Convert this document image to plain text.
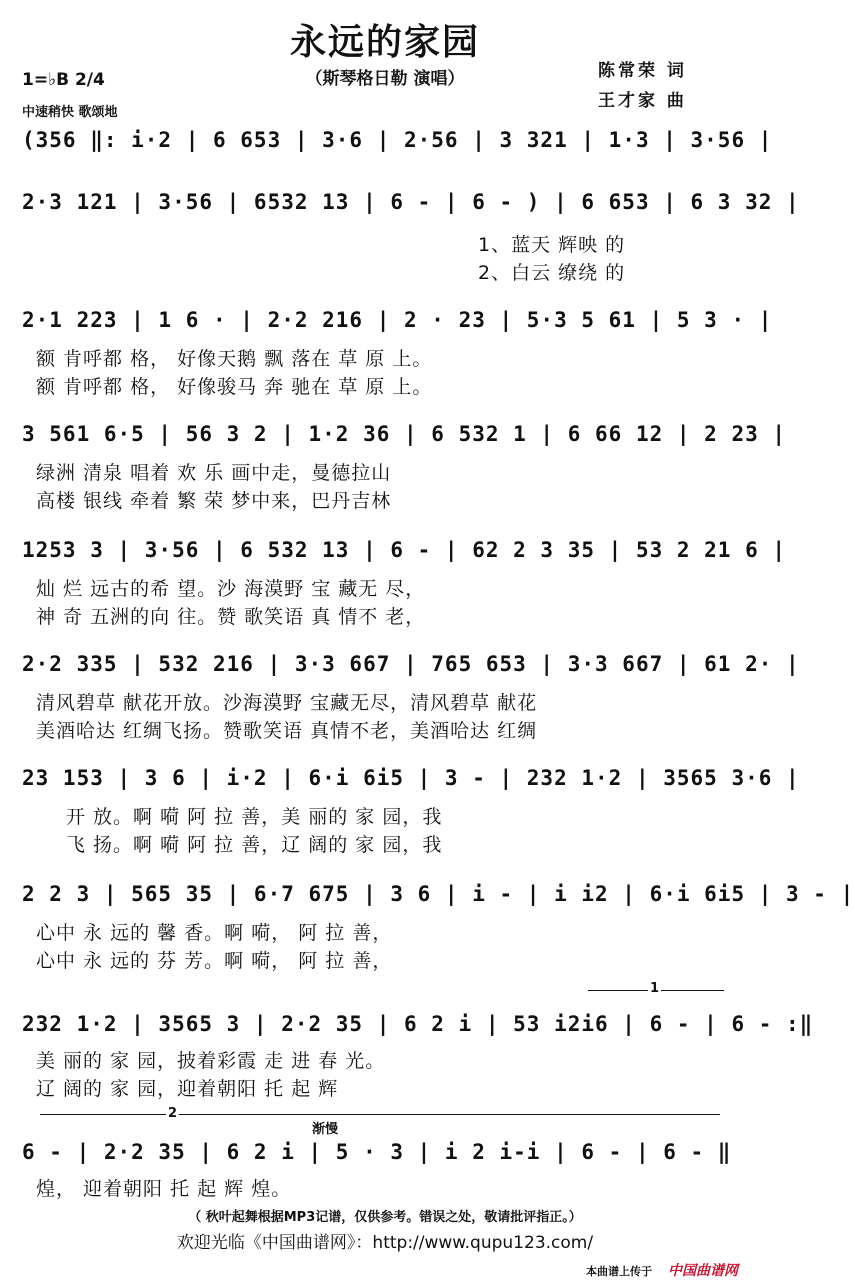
永远的家园
（斯琴格日勒 演唱）	陈常荣 词
王才家 曲
1=♭B 2/4
中速稍快 歌颂地
(356 ‖: i·2 | 6 653 | 3·6 | 2·56 | 3 321 | 1·3 | 3·56 |
2·3 121 | 3·56 | 6532 13 | 6 - | 6 - ) | 6 653 | 6 3 32 |
1、蓝天 辉映 的
2、白云 缭绕 的
2·1 223 | 1 6 · | 2·2 216 | 2 · 23 | 5·3 5 61 | 5 3 · |
额 肯呼都 格， 好像天鹅 飘 落在 草 原 上。
额 肯呼都 格， 好像骏马 奔 驰在 草 原 上。
3 561 6·5 | 56 3 2 | 1·2 36 | 6 532 1 | 6 66 12 | 2 23 |
绿洲 清泉 唱着 欢 乐 画中走，曼德拉山
高楼 银线 牵着 繁 荣 梦中来，巴丹吉林
1253 3 | 3·56 | 6 532 13 | 6 - | 62 2 3 35 | 53 2 21 6 |
灿 烂 远古的希 望。沙 海漠野 宝 藏无 尽，
神 奇 五洲的向 往。赞 歌笑语 真 情不 老，
2·2 335 | 532 216 | 3·3 667 | 765 653 | 3·3 667 | 61 2· |
清风碧草 献花开放。沙海漠野 宝藏无尽，清风碧草 献花
美酒哈达 红绸飞扬。赞歌笑语 真情不老，美酒哈达 红绸
23 153 | 3 6 | i·2 | 6·i 6i5 | 3 - | 232 1·2 | 3565 3·6 |
开 放。啊 嗬 阿 拉 善，美 丽的 家 园，我
飞 扬。啊 嗬 阿 拉 善，辽 阔的 家 园，我
2 2 3 | 565 35 | 6·7 675 | 3 6 | i - | i i2 | 6·i 6i5 | 3 - |
心中 永 远的 馨 香。啊 嗬， 阿 拉 善，
心中 永 远的 芬 芳。啊 嗬， 阿 拉 善，
1
232 1·2 | 3565 3 | 2·2 35 | 6 2 i | 53 i2i6 | 6 - | 6 - :‖
美 丽的 家 园，披着彩霞 走 进 春 光。
辽 阔的 家 园，迎着朝阳 托 起 辉
2
渐慢
6 - | 2·2 35 | 6 2 i | 5 · 3 | i 2 i-i | 6 - | 6 - ‖
煌， 迎着朝阳 托 起 辉 煌。
（ 秋叶起舞根据MP3记谱，仅供参考。错误之处，敬请批评指正。）
欢迎光临《中国曲谱网》：http://www.qupu123.com/
本曲谱上传于 中国曲谱网
